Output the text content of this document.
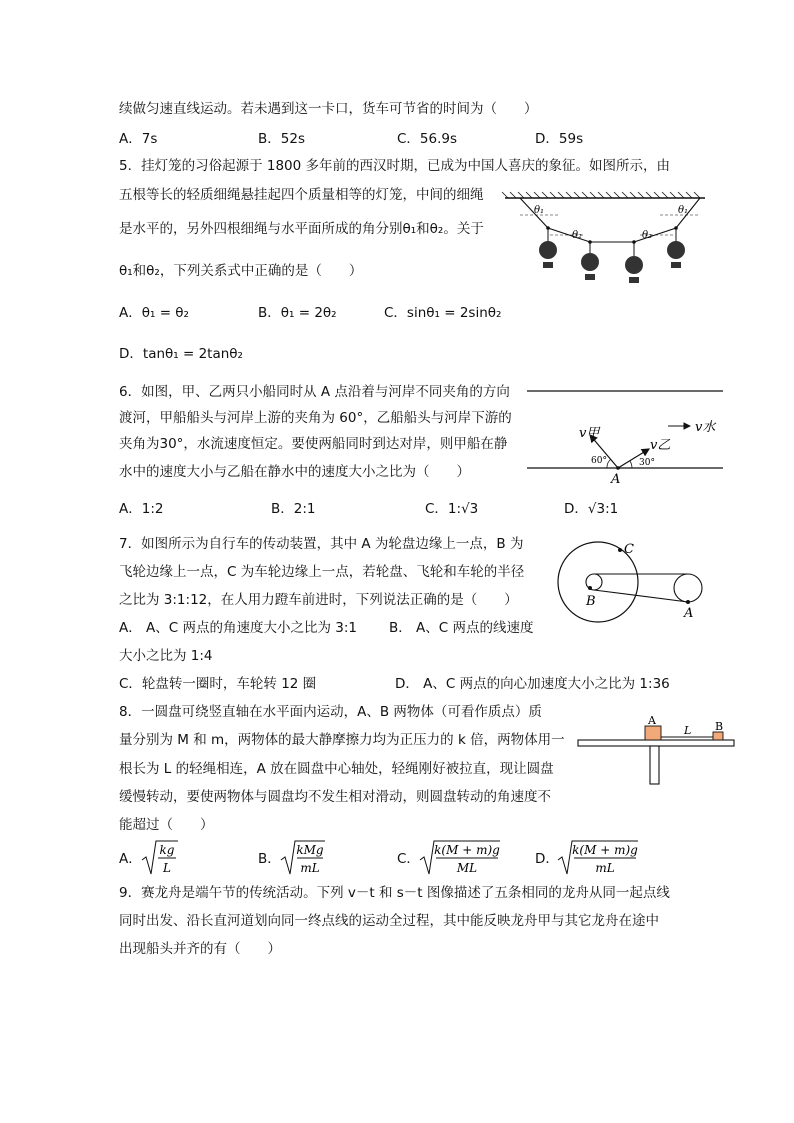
续做匀速直线运动。若未遇到这一卡口，货车可节省的时间为（　　）
A．7s	B．52s	C．56.9s	D．59s
5．挂灯笼的习俗起源于 1800 多年前的西汉时期，已成为中国人喜庆的象征。如图所示，由
五根等长的轻质细绳悬挂起四个质量相等的灯笼，中间的细绳
是水平的，另外四根细绳与水平面所成的角分别θ₁和θ₂。关于
θ₁和θ₂，下列关系式中正确的是（　　）
A．θ₁ = θ₂	B．θ₁ = 2θ₂	C．sinθ₁ = 2sinθ₂
D．tanθ₁ = 2tanθ₂
θ₁
θ₂	θ₂
θ₁
6．如图，甲、乙两只小船同时从 A 点沿着与河岸不同夹角的方向
渡河，甲船船头与河岸上游的夹角为 60°，乙船船头与河岸下游的
夹角为30°，水流速度恒定。要使两船同时到达对岸，则甲船在静
水中的速度大小与乙船在静水中的速度大小之比为（　　）
A．1:2	B．2:1	C．1:√3	D．√3:1
v甲
v乙
v水
60°	30°
A
7．如图所示为自行车的传动装置，其中 A 为轮盘边缘上一点，B 为
飞轮边缘上一点，C 为车轮边缘上一点，若轮盘、飞轮和车轮的半径
之比为 3:1:12，在人用力蹬车前进时，下列说法正确的是（　　）
A． A、C 两点的角速度大小之比为 3:1 B． A、C 两点的线速度
大小之比为 1:4
C．轮盘转一圈时，车轮转 12 圈	D． A、C 两点的向心加速度大小之比为 1:36
C
B
A
8．一圆盘可绕竖直轴在水平面内运动，A、B 两物体（可看作质点）质
量分别为 M 和 m，两物体的最大静摩擦力均为正压力的 k 倍，两物体用一
根长为 L 的轻绳相连，A 放在圆盘中心轴处，轻绳刚好被拉直，现让圆盘
缓慢转动，要使两物体与圆盘均不发生相对滑动，则圆盘转动的角速度不
能超过（　　）
A	B
L
A．
kg
L
B．
kMg
mL
C．
k(M + m)g
ML
D．
k(M + m)g
mL
9．赛龙舟是端午节的传统活动。下列 v－t 和 s－t 图像描述了五条相同的龙舟从同一起点线
同时出发、沿长直河道划向同一终点线的运动全过程，其中能反映龙舟甲与其它龙舟在途中
出现船头并齐的有（　　）
